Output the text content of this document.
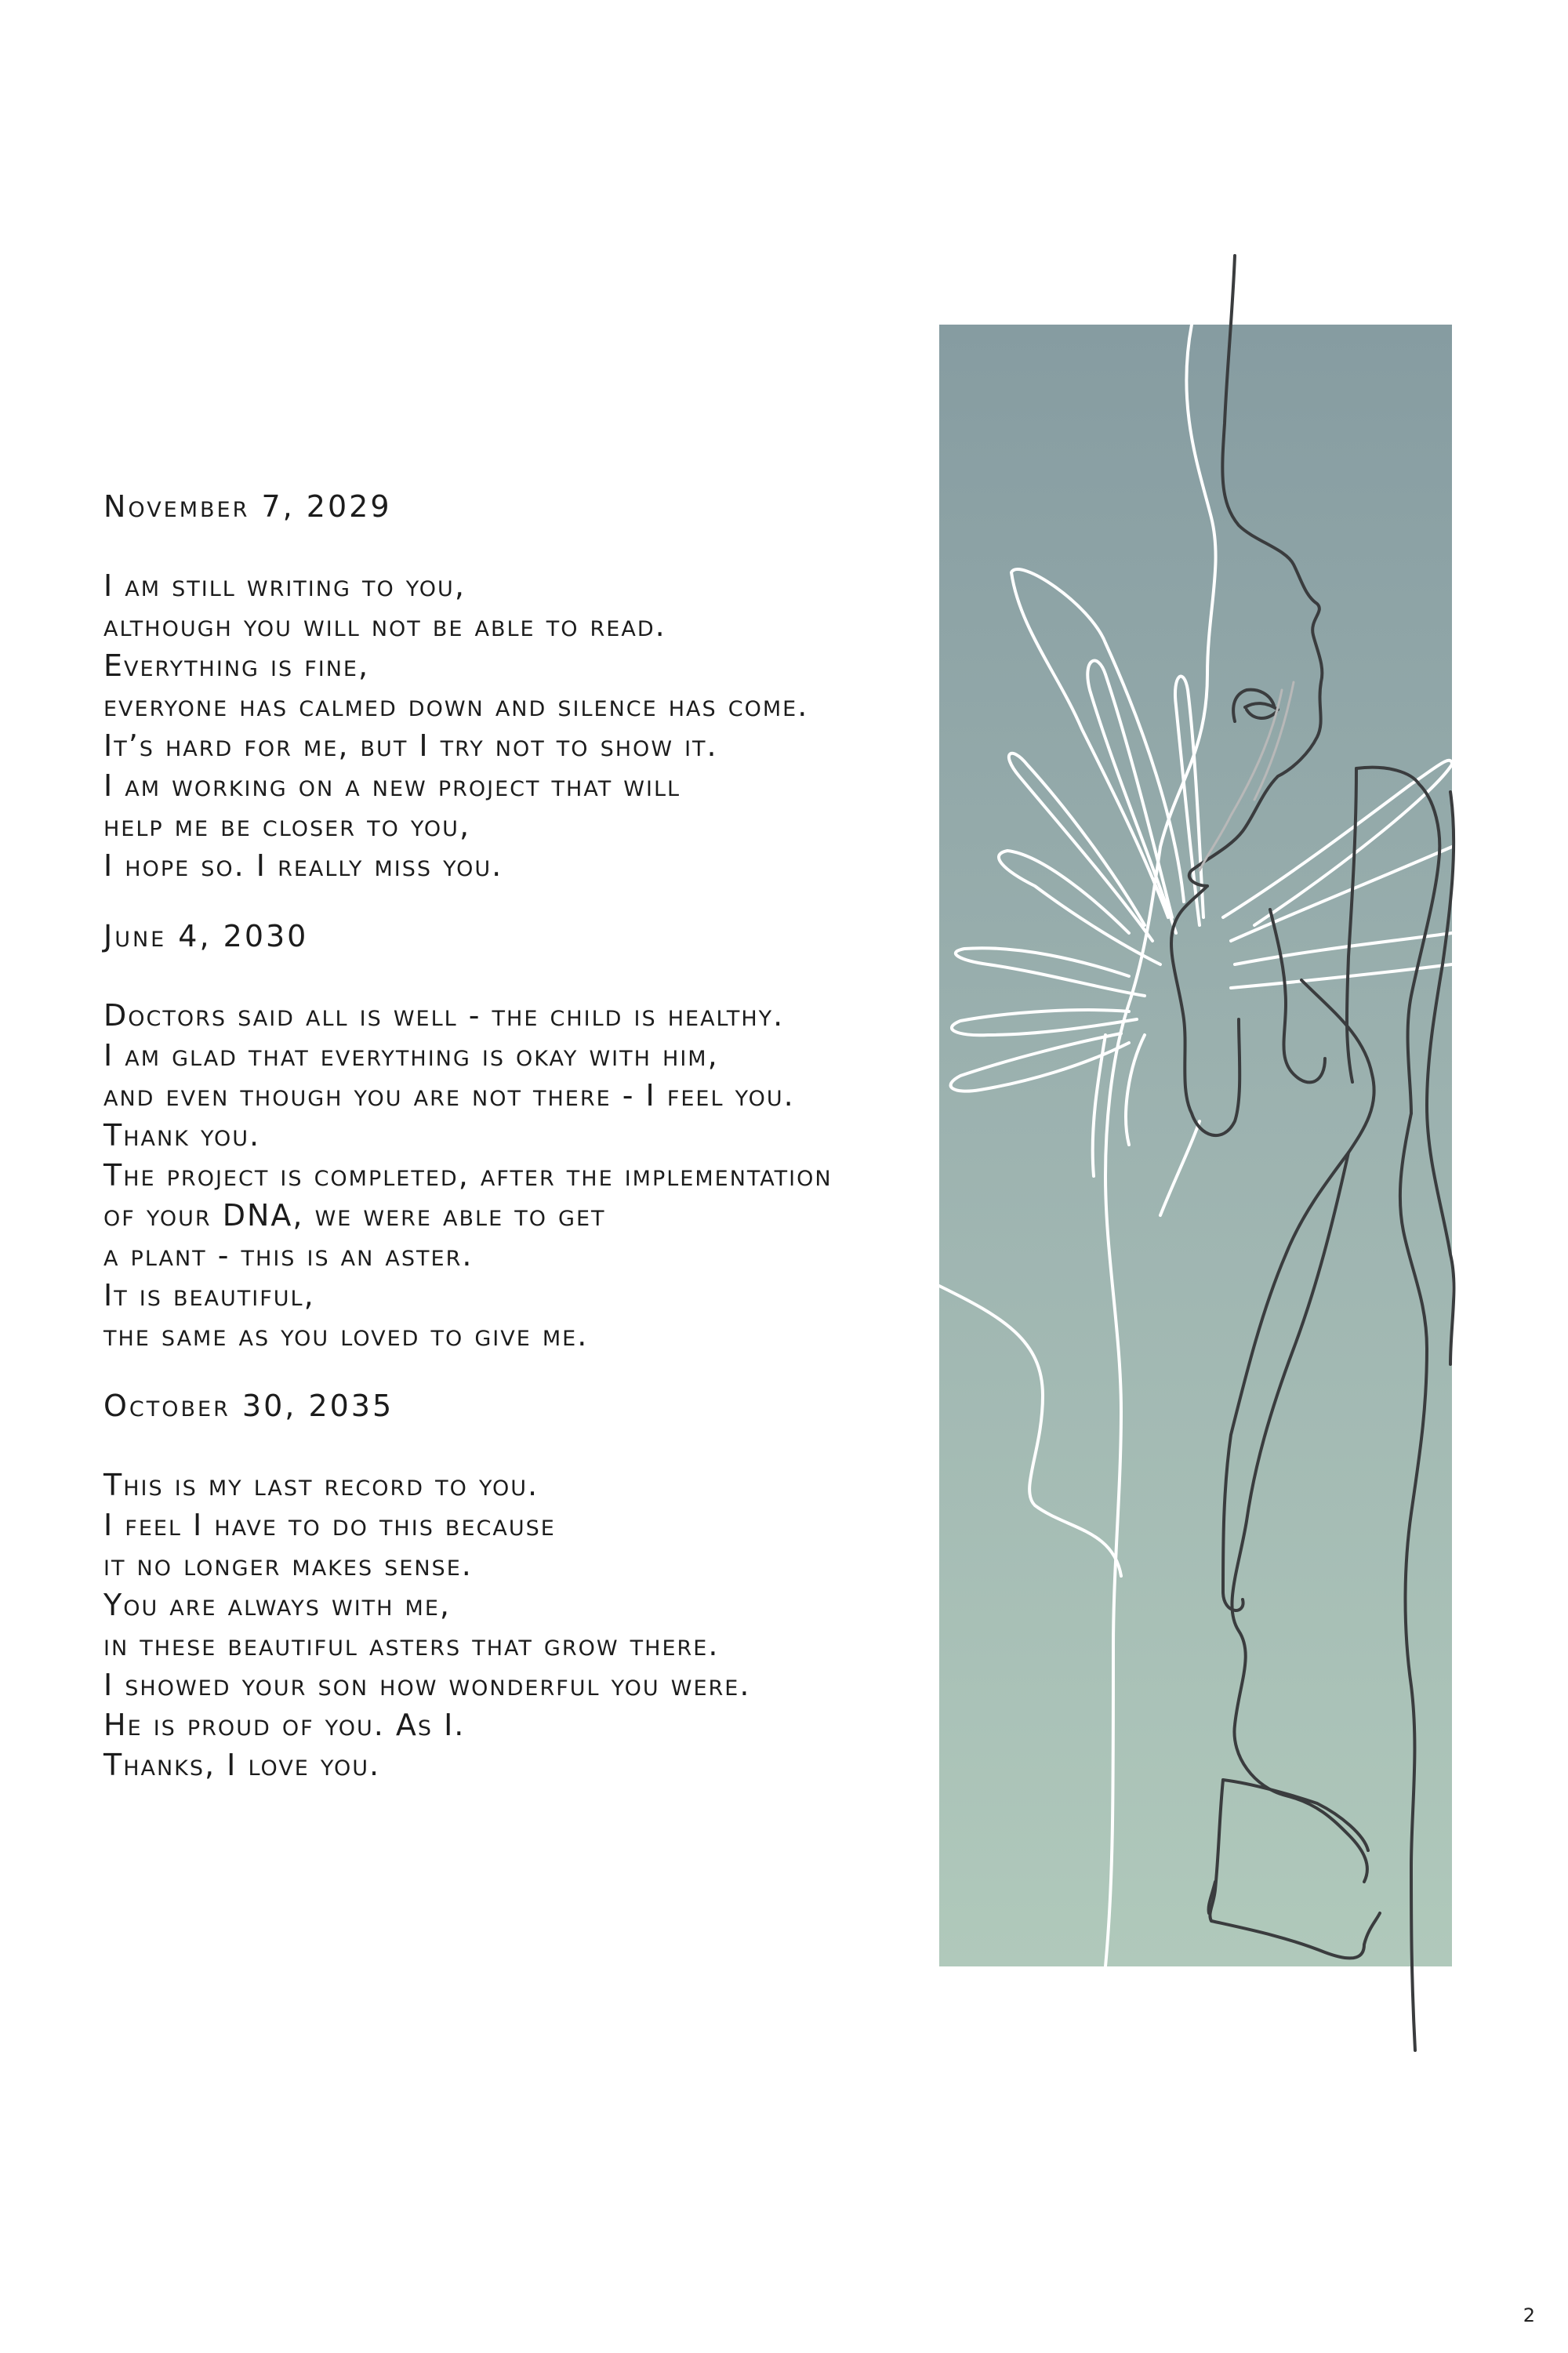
November 7, 2029
I am still writing to you,
although you will not be able to read.
Everything is fine,
everyone has calmed down and silence has come.
It’s hard for me, but I try not to show it.
I am working on a new project that will
help me be closer to you,
I hope so. I really miss you.
June 4, 2030
Doctors said all is well - the child is healthy.
I am glad that everything is okay with him,
and even though you are not there - I feel you.
Thank you.
The project is completed, after the implementation
of your DNA, we were able to get
a plant - this is an aster.
It is beautiful,
the same as you loved to give me.
October 30, 2035
This is my last record to you.
I feel I have to do this because
it no longer makes sense.
You are always with me,
in these beautiful asters that grow there.
I showed your son how wonderful you were.
He is proud of you. As I.
Thanks, I love you.
2
